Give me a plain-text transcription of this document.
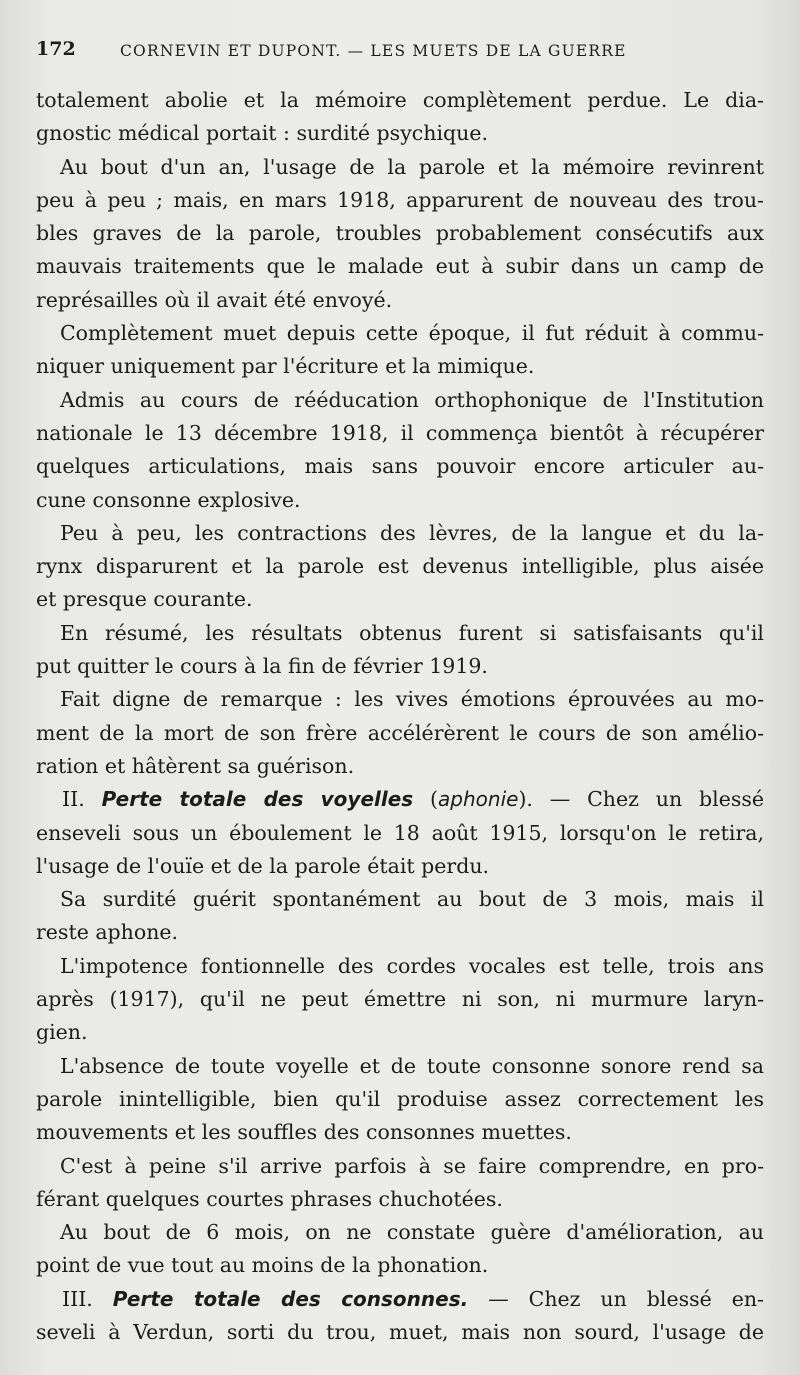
172	CORNEVIN ET DUPONT. — LES MUETS DE LA GUERRE
totalement abolie et la mémoire complètement perdue. Le dia-
gnostic médical portait : surdité psychique.
Au bout d'un an, l'usage de la parole et la mémoire revinrent
peu à peu ; mais, en mars 1918, apparurent de nouveau des trou-
bles graves de la parole, troubles probablement consécutifs aux
mauvais traitements que le malade eut à subir dans un camp de
représailles où il avait été envoyé.
Complètement muet depuis cette époque, il fut réduit à commu-
niquer uniquement par l'écriture et la mimique.
Admis au cours de rééducation orthophonique de l'Institution
nationale le 13 décembre 1918, il commença bientôt à récupérer
quelques articulations, mais sans pouvoir encore articuler au-
cune consonne explosive.
Peu à peu, les contractions des lèvres, de la langue et du la-
rynx disparurent et la parole est devenus intelligible, plus aisée
et presque courante.
En résumé, les résultats obtenus furent si satisfaisants qu'il
put quitter le cours à la fin de février 1919.
Fait digne de remarque : les vives émotions éprouvées au mo-
ment de la mort de son frère accélérèrent le cours de son amélio-
ration et hâtèrent sa guérison.
II. Perte totale des voyelles (aphonie). — Chez un blessé
enseveli sous un éboulement le 18 août 1915, lorsqu'on le retira,
l'usage de l'ouïe et de la parole était perdu.
Sa surdité guérit spontanément au bout de 3 mois, mais il
reste aphone.
L'impotence fontionnelle des cordes vocales est telle, trois ans
après (1917), qu'il ne peut émettre ni son, ni murmure laryn-
gien.
L'absence de toute voyelle et de toute consonne sonore rend sa
parole inintelligible, bien qu'il produise assez correctement les
mouvements et les souffles des consonnes muettes.
C'est à peine s'il arrive parfois à se faire comprendre, en pro-
férant quelques courtes phrases chuchotées.
Au bout de 6 mois, on ne constate guère d'amélioration, au
point de vue tout au moins de la phonation.
III. Perte totale des consonnes. — Chez un blessé en-
seveli à Verdun, sorti du trou, muet, mais non sourd, l'usage de
